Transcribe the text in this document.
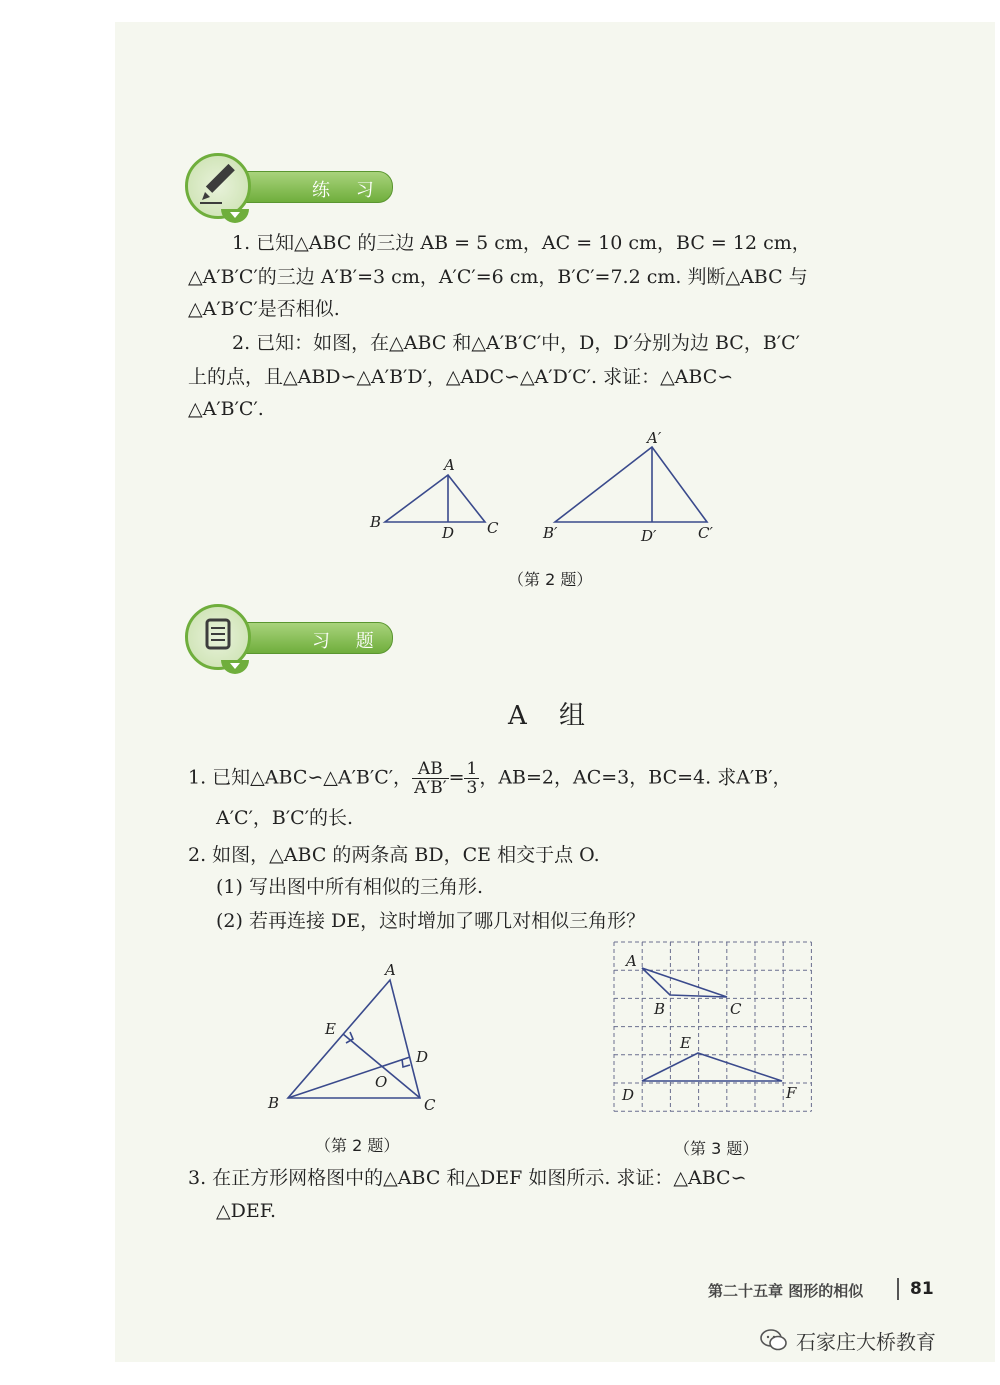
练 习
1. 已知△ABC 的三边 AB = 5 cm，AC = 10 cm，BC = 12 cm，
△A′B′C′的三边 A′B′=3 cm，A′C′=6 cm，B′C′=7.2 cm. 判断△ABC 与
△A′B′C′是否相似.
2. 已知：如图，在△ABC 和△A′B′C′中，D，D′分别为边 BC，B′C′
上的点，且△ABD∽△A′B′D′，△ADC∽△A′D′C′. 求证：△ABC∽
△A′B′C′.
A
B	C
D
A′
B′	C′
D′
（第 2 题）
习 题
A 组
1. 已知△ABC∽△A′B′C′， $\frac{AB}{A'B'} = \frac{1}{3}$ ，AB=2，AC=3，BC=4. 求A′B′，
A′C′，B′C′的长.
2. 如图，△ABC 的两条高 BD，CE 相交于点 O.
(1) 写出图中所有相似的三角形.
(2) 若再连接 DE，这时增加了哪几对相似三角形？
A
B	C
D
E
O
（第 2 题）
A
B	C
D
E
F
（第 3 题）
3. 在正方形网格图中的△ABC 和△DEF 如图所示. 求证：△ABC∽
△DEF.
第二十五章 图形的相似	81
石家庄大桥教育
